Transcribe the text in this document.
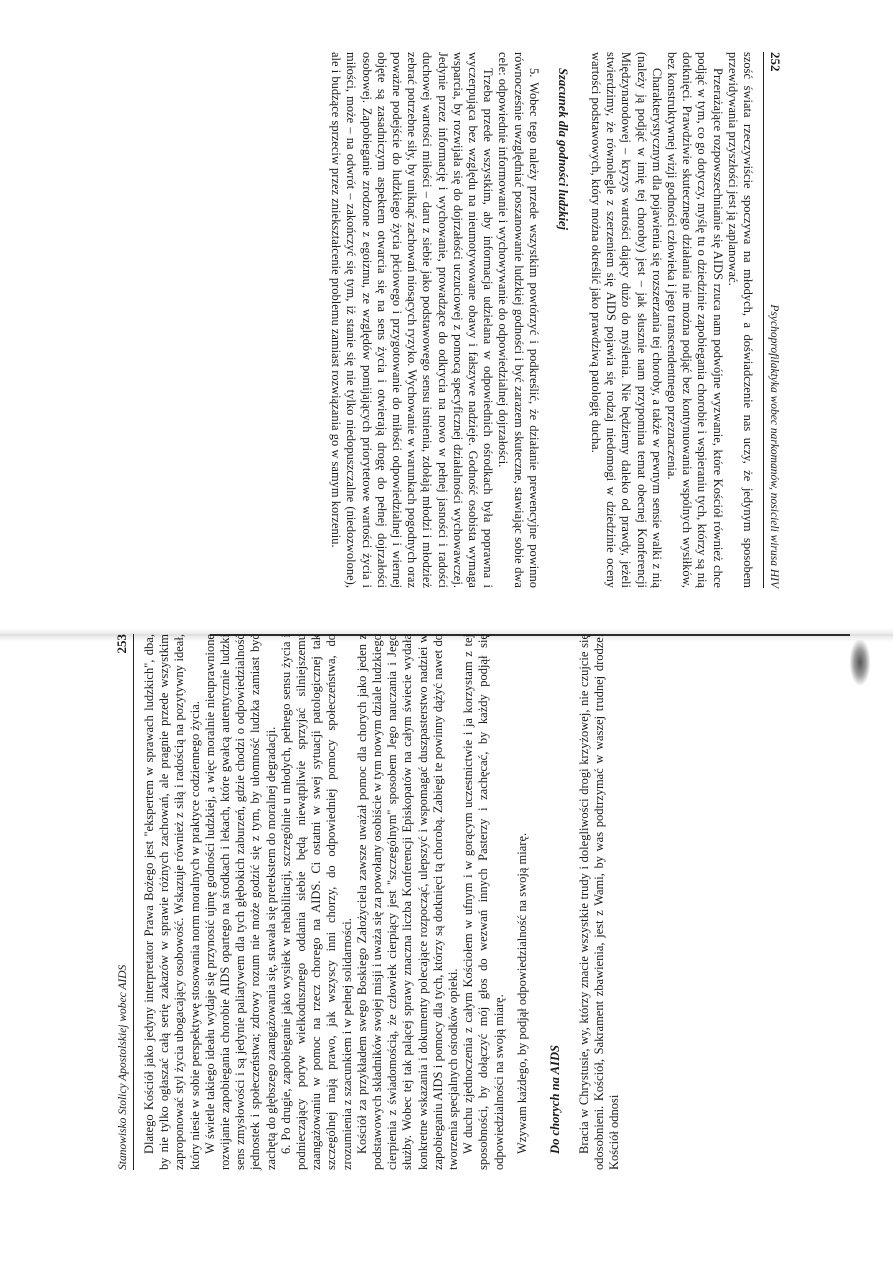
252
Psychoprofilaktyka wobec narkomanów, nosicieli wirusa HIV

szość świata rzeczywiście spoczywa na młodych, a doświadczenie nas uczy, że jedynym sposobem przewidywania przyszłości jest ją zaplanować.

Przerażające rozpowszechnianie się AIDS rzuca nam podwójne wyzwanie, które Kościół również chce podjąć w tym, co go dotyczy, myślę tu o dziedzinie zapobiegania chorobie i wspieraniu tych, którzy są nią dotknięci. Prawdziwie skutecznego działania nie można podjąć bez kontynuowania wspólnych wysiłków, bez konstruktywnej wizji godności człowieka i jego transcendentnego przeznaczenia.

Charakterystycznym dla pojawienia się rozszerzania tej choroby, a także w pewnym sensie walki z nią (należy ją podjąć w imię tej choroby) jest – jak słusznie nam przypomina temat obecnej Konferencji Międzynarodowej – kryzys wartości dający dużo do myślenia. Nie będziemy daleko od prawdy, jeżeli stwierdzimy, że równolegle z szerzeniem się AIDS pojawia się rodzaj niedomogi w dziedzinie oceny wartości podstawowych, który można określić jako prawdziwą patologię ducha.

Szacunek dla godności ludzkiej

5. Wobec tego należy przede wszystkim powtórzyć i podkreślić, że działanie prewencyjne powinno równocześnie uwzględniać poszanowanie ludzkiej godności i być zarazem skuteczne, stawiając sobie dwa cele: odpowiednie informowanie i wychowywanie do odpowiedzialnej dojrzałości.

Trzeba przede wszystkim, aby informacja udzielana w odpowiednich ośrodkach była poprawna i wyczerpująca bez względu na nieumotywowane obawy i fałszywe nadzieje. Godność osobista wymaga wsparcia, by rozwijała się do dojrzałości uczuciowej z pomocą specyficznej działalności wychowawczej. Jedynie przez informację i wychowanie, prowadzące do odkrycia na nowo w pełnej jasności i radości duchowej wartości miłości – daru z siebie jako podstawowego sensu istnienia, zdołają młodzi i młodzież zebrać potrzebne siły, by uniknąć zachowań niosących ryzyko. Wychowanie w warunkach pogodnych oraz poważne podejście do ludzkiego życia płciowego i przygotowanie do miłości odpowiedzialnej i wiernej objęte są zasadniczym aspektem otwarcia się na sens życia i otwierają drogę do pełnej dojrzałości osobowej. Zapobieganie zrodzone z egoizmu, ze względów pomijających priorytetowe wartości życia i miłości, może – na odwrót – zakończyć się tym, iż stanie się nie tylko niedopuszczalne (niedozwolone), ale i budzące sprzeciw przez zniekształcenie problemu zamiast rozwiązania go w samym korzeniu.

Stanowisko Stolicy Apostolskiej wobec AIDS
253 Dlatego Kościół jako jedyny interpretator Prawa Bożego jest "ekspertem w sprawach ludzkich", dba, by nie tylko ogłaszać całą serię zakazów w sprawie różnych zachowań, ale pragnie przede wszystkim zaproponować styl życia ubogacający osobowość. Wskazuje również z siłą i radością na pozytywny ideał, który niesie w sobie perspektywę stosowania norm moralnych w praktyce codziennego życia. W świetle takiego ideału wydaje się przynosić ujmę godności ludzkiej, a więc moralnie nieuprawnione rozwijanie zapobiegania chorobie AIDS opartego na środkach i lekach, które gwałcą autentycznie ludzki sens zmysłowości i są jedynie paliatywem dla tych głębokich zaburzeń, gdzie chodzi o odpowiedzialność jednostek i społeczeństwa; zdrowy rozum nie może godzić się z tym, by ułomność ludzka zamiast być zachętą do głębszego zaangażowania się, stawała się pretekstem do moralnej degradacji. 6. Po drugie, zapobieganie jako wysiłek w rehabilitacji, szczególnie u młodych, pełnego sensu życia i podnieczający poryw wielkodusznego oddania siebie będą niewątpliwie sprzyjać silniejszemu zaangażowaniu w pomoc na rzecz chorego na AIDS. Ci ostatni w swej sytuacji patologicznej tak szczególnej mają prawo, jak wszyscy inni chorzy, do odpowiedniej pomocy społeczeństwa, do zrozumienia z szacunkiem i w pełnej solidarności. Kościół za przykładem swego Boskiego Założyciela zawsze uważał pomoc dla chorych jako jeden z podstawowych składników swojej misji i uważa się za powołany osobiście w tym nowym dziale ludzkiego cierpienia z świadomością, że człowiek cierpiący jest "szczególnym" sposobem Jego nauczania i Jego służby. Wobec tej tak palącej sprawy znaczna liczba Konferencji Episkopatów na całym świecie wydała konkretne wskazania i dokumenty polecające rozpocząć, ulepszyć i wspomagać duszpasterstwo nadziei w zapobieganiu AIDS i pomocy dla tych, którzy są dotknięci tą chorobą. Zabiegi te powinny dążyć nawet do tworzenia specjalnych ośrodków opieki. W duchu zjednoczenia z całym Kościołem w ufnym i w gorącym uczestnictwie i ja korzystam z tej sposobności, by dołączyć mój głos do wezwań innych Pasterzy i zachęcać, by każdy podjął się odpowiedzialności na swoją miarę. Wzywam każdego, by podjął odpowiedzialność na swoją miarę. Do chorych na AIDS Bracia w Chrystusie, wy, którzy znacie wszystkie trudy i dolegliwości drogi krzyżowej, nie czujcie się odosobnieni. Kościół, Sakrament zbawienia, jest z Wami, by was podtrzymać w waszej trudnej drodze. Kościół odnosi
